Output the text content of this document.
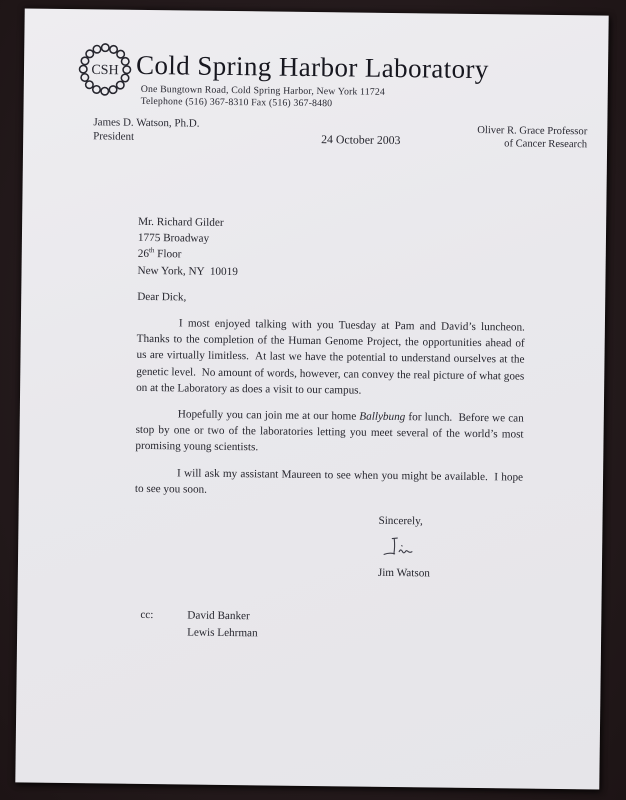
CSH Cold Spring Harbor Laboratory
One Bungtown Road, Cold Spring Harbor, New York 11724
Telephone (516) 367-8310 Fax (516) 367-8480
James D. Watson, Ph.D.
President	24 October 2003
Oliver R. Grace Professor
of Cancer Research
Mr. Richard Gilder
1775 Broadway
26th Floor
New York, NY  10019
Dear Dick,

I most enjoyed talking with you Tuesday at Pam and David’s luncheon.  Thanks to the completion of the Human Genome Project, the opportunities ahead of us are virtually limitless.  At last we have the potential to understand ourselves at the genetic level.  No amount of words, however, can convey the real picture of what goes on at the Laboratory as does a visit to our campus.

Hopefully you can join me at our home Ballybung for lunch.  Before we can stop by one or two of the laboratories letting you meet several of the world’s most promising young scientists.

I will ask my assistant Maureen to see when you might be available.  I hope to see you soon.

Sincerely,
Jim Watson
cc:	David Banker
Lewis Lehrman
